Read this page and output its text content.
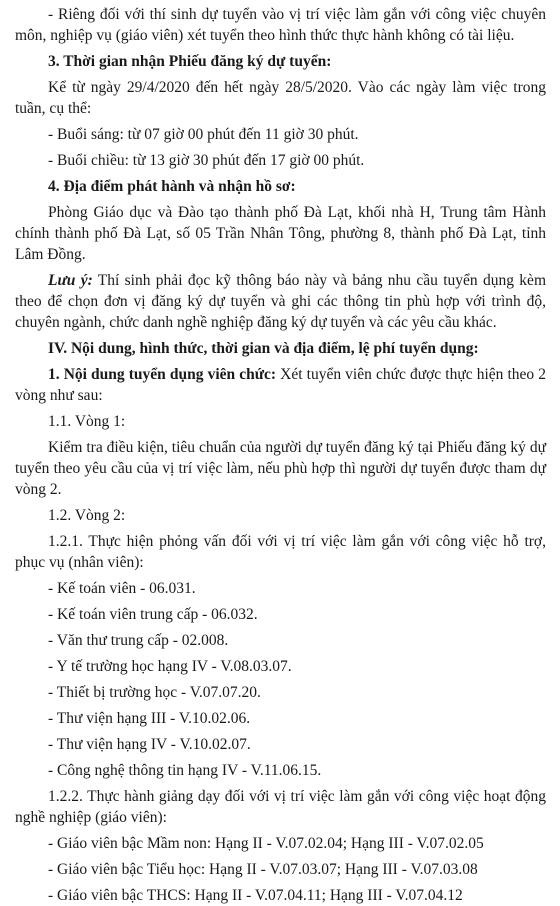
- Riêng đối với thí sinh dự tuyển vào vị trí việc làm gắn với công việc chuyên môn, nghiệp vụ (giáo viên) xét tuyển theo hình thức thực hành không có tài liệu.

3. Thời gian nhận Phiếu đăng ký dự tuyển:

Kể từ ngày 29/4/2020 đến hết ngày 28/5/2020. Vào các ngày làm việc trong tuần, cụ thể:

- Buổi sáng: từ 07 giờ 00 phút đến 11 giờ 30 phút.

- Buổi chiều: từ 13 giờ 30 phút đến 17 giờ 00 phút.

4. Địa điểm phát hành và nhận hồ sơ:

Phòng Giáo dục và Đào tạo thành phố Đà Lạt, khối nhà H, Trung tâm Hành chính thành phố Đà Lạt, số 05 Trần Nhân Tông, phường 8, thành phố Đà Lạt, tỉnh Lâm Đồng.

Lưu ý: Thí sinh phải đọc kỹ thông báo này và bảng nhu cầu tuyển dụng kèm theo để chọn đơn vị đăng ký dự tuyển và ghi các thông tin phù hợp với trình độ, chuyên ngành, chức danh nghề nghiệp đăng ký dự tuyển và các yêu cầu khác.

IV. Nội dung, hình thức, thời gian và địa điểm, lệ phí tuyển dụng:

1. Nội dung tuyển dụng viên chức: Xét tuyển viên chức được thực hiện theo 2 vòng như sau:

1.1. Vòng 1:

Kiểm tra điều kiện, tiêu chuẩn của người dự tuyển đăng ký tại Phiếu đăng ký dự tuyển theo yêu cầu của vị trí việc làm, nếu phù hợp thì người dự tuyển được tham dự vòng 2.

1.2. Vòng 2:

1.2.1. Thực hiện phỏng vấn đối với vị trí việc làm gắn với công việc hỗ trợ, phục vụ (nhân viên):

- Kế toán viên - 06.031.

- Kế toán viên trung cấp - 06.032.

- Văn thư trung cấp - 02.008.

- Y tế trường học hạng IV - V.08.03.07.

- Thiết bị trường học - V.07.07.20.

- Thư viện hạng III - V.10.02.06.

- Thư viện hạng IV - V.10.02.07.

- Công nghệ thông tin hạng IV - V.11.06.15.

1.2.2. Thực hành giảng dạy đối với vị trí việc làm gắn với công việc hoạt động nghề nghiệp (giáo viên):

- Giáo viên bậc Mầm non: Hạng II - V.07.02.04; Hạng III - V.07.02.05

- Giáo viên bậc Tiểu học: Hạng II - V.07.03.07; Hạng III - V.07.03.08

- Giáo viên bậc THCS: Hạng II - V.07.04.11; Hạng III - V.07.04.12
